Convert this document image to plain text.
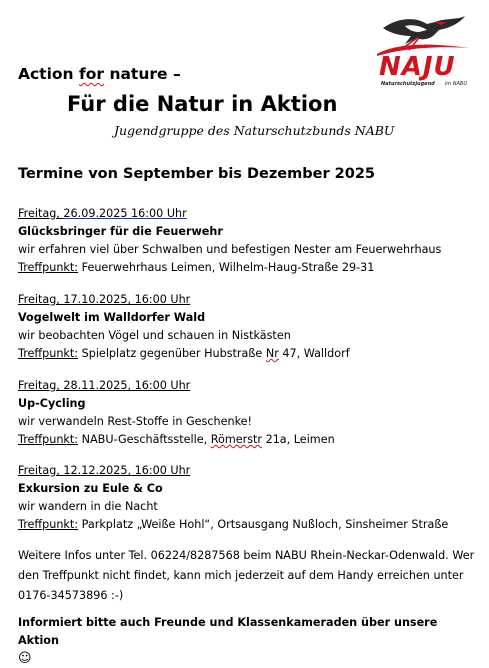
NAJU
Naturschutzjugend im NABU

Action for nature –

Für die Natur in Aktion

Jugendgruppe des Naturschutzbunds NABU

Termine von September bis Dezember 2025
Freitag, 26.09.2025 16:00 Uhr
Glücksbringer für die Feuerwehr
wir erfahren viel über Schwalben und befestigen Nester am Feuerwehrhaus
Treffpunkt: Feuerwehrhaus Leimen, Wilhelm-Haug-Straße 29-31
Freitag, 17.10.2025, 16:00 Uhr
Vogelwelt im Walldorfer Wald
wir beobachten Vögel und schauen in Nistkästen
Treffpunkt: Spielplatz gegenüber Hubstraße Nr 47, Walldorf
Freitag, 28.11.2025, 16:00 Uhr
Up-Cycling
wir verwandeln Rest-Stoffe in Geschenke!
Treffpunkt: NABU-Geschäftsstelle, Römerstr 21a, Leimen
Freitag, 12.12.2025, 16:00 Uhr
Exkursion zu Eule & Co
wir wandern in die Nacht
Treffpunkt: Parkplatz „Weiße Hohl“, Ortsausgang Nußloch, Sinsheimer Straße
Weitere Infos unter Tel. 06224/8287568 beim NABU Rhein-Neckar-Odenwald. Wer den Treffpunkt nicht findet, kann mich jederzeit auf dem Handy erreichen unter 0176-34573896 :-)
Informiert bitte auch Freunde und Klassenkameraden über unsere Aktion
☺
